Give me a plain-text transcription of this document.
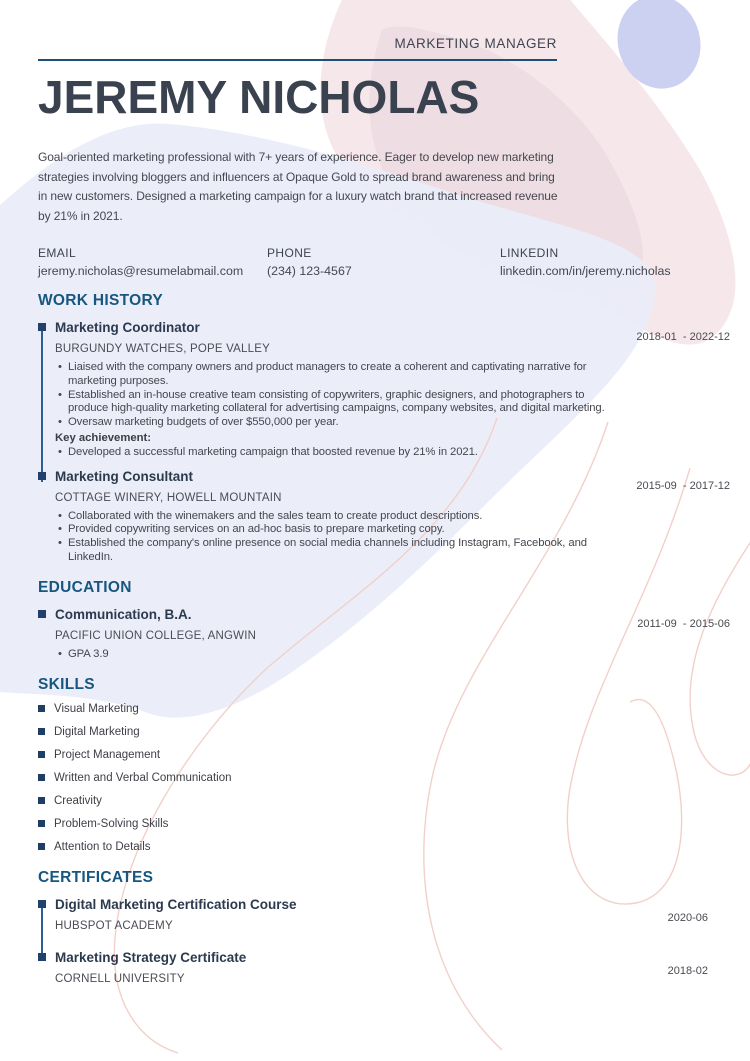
MARKETING MANAGER
JEREMY NICHOLAS
Goal-oriented marketing professional with 7+ years of experience. Eager to develop new marketing strategies involving bloggers and influencers at Opaque Gold to spread brand awareness and bring in new customers. Designed a marketing campaign for a luxury watch brand that increased revenue by 21% in 2021.
EMAIL
jeremy.nicholas@resumelabmail.com
PHONE
(234) 123-4567
LINKEDIN
linkedin.com/in/jeremy.nicholas
WORK HISTORY
Marketing Coordinator
2018-01  - 2022-12
BURGUNDY WATCHES, POPE VALLEY
• Liaised with the company owners and product managers to create a coherent and captivating narrative for marketing purposes.
• Established an in-house creative team consisting of copywriters, graphic designers, and photographers to produce high-quality marketing collateral for advertising campaigns, company websites, and digital marketing.
• Oversaw marketing budgets of over $550,000 per year.
Key achievement:
• Developed a successful marketing campaign that boosted revenue by 21% in 2021.
Marketing Consultant
2015-09  - 2017-12
COTTAGE WINERY, HOWELL MOUNTAIN
• Collaborated with the winemakers and the sales team to create product descriptions.
• Provided copywriting services on an ad-hoc basis to prepare marketing copy.
• Established the company's online presence on social media channels including Instagram, Facebook, and LinkedIn.
EDUCATION
Communication, B.A.
2011-09  - 2015-06
PACIFIC UNION COLLEGE, ANGWIN
• GPA 3.9
SKILLS
Visual Marketing
Digital Marketing
Project Management
Written and Verbal Communication
Creativity
Problem-Solving Skills
Attention to Details
CERTIFICATES
Digital Marketing Certification Course
2020-06
HUBSPOT ACADEMY
Marketing Strategy Certificate
2018-02
CORNELL UNIVERSITY
